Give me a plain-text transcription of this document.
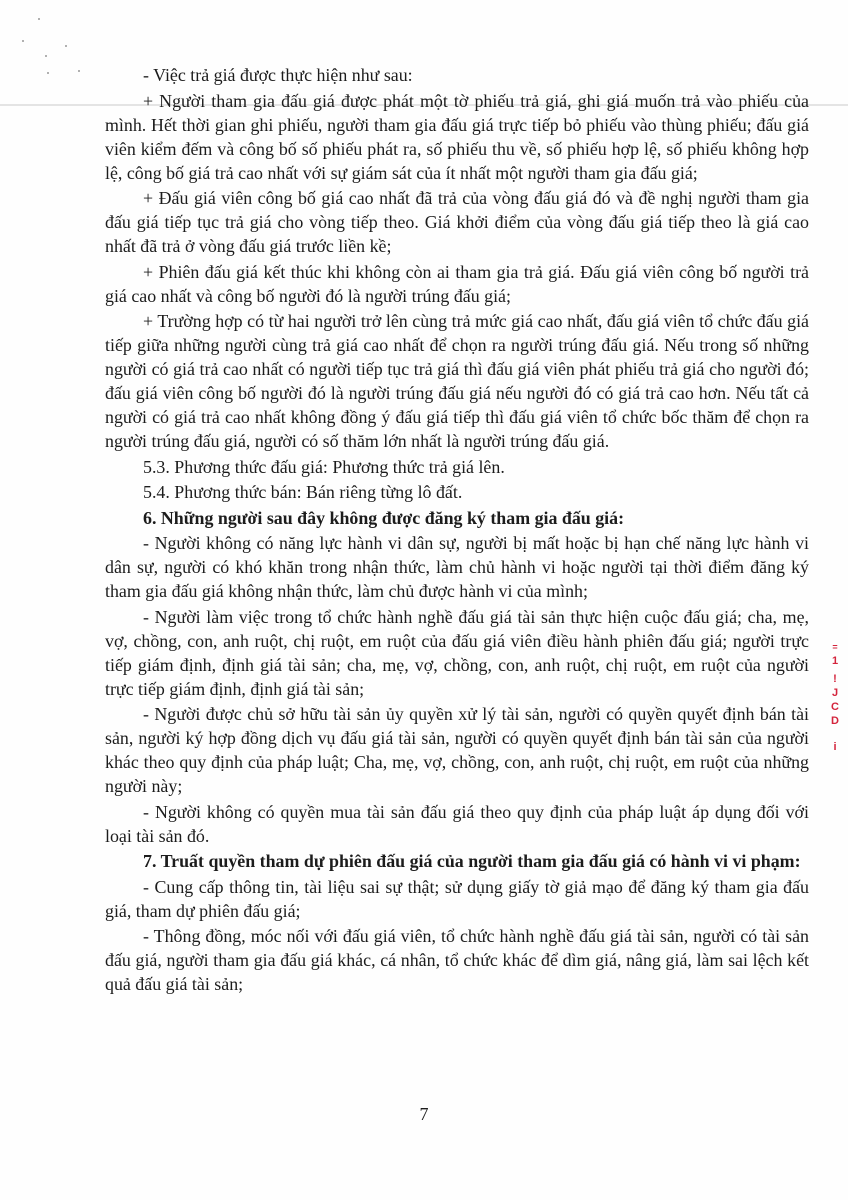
- Việc trả giá được thực hiện như sau:

+ Người tham gia đấu giá được phát một tờ phiếu trả giá, ghi giá muốn trả vào phiếu của mình. Hết thời gian ghi phiếu, người tham gia đấu giá trực tiếp bỏ phiếu vào thùng phiếu; đấu giá viên kiểm đếm và công bố số phiếu phát ra, số phiếu thu về, số phiếu hợp lệ, số phiếu không hợp lệ, công bố giá trả cao nhất với sự giám sát của ít nhất một người tham gia đấu giá;

+ Đấu giá viên công bố giá cao nhất đã trả của vòng đấu giá đó và đề nghị người tham gia đấu giá tiếp tục trả giá cho vòng tiếp theo. Giá khởi điểm của vòng đấu giá tiếp theo là giá cao nhất đã trả ở vòng đấu giá trước liền kề;

+ Phiên đấu giá kết thúc khi không còn ai tham gia trả giá. Đấu giá viên công bố người trả giá cao nhất và công bố người đó là người trúng đấu giá;

+ Trường hợp có từ hai người trở lên cùng trả mức giá cao nhất, đấu giá viên tổ chức đấu giá tiếp giữa những người cùng trả giá cao nhất để chọn ra người trúng đấu giá. Nếu trong số những người có giá trả cao nhất có người tiếp tục trả giá thì đấu giá viên phát phiếu trả giá cho người đó; đấu giá viên công bố người đó là người trúng đấu giá nếu người đó có giá trả cao hơn. Nếu tất cả người có giá trả cao nhất không đồng ý đấu giá tiếp thì đấu giá viên tổ chức bốc thăm để chọn ra người trúng đấu giá, người có số thăm lớn nhất là người trúng đấu giá.

5.3. Phương thức đấu giá: Phương thức trả giá lên.

5.4. Phương thức bán: Bán riêng từng lô đất.

6. Những người sau đây không được đăng ký tham gia đấu giá:

- Người không có năng lực hành vi dân sự, người bị mất hoặc bị hạn chế năng lực hành vi dân sự, người có khó khăn trong nhận thức, làm chủ hành vi hoặc người tại thời điểm đăng ký tham gia đấu giá không nhận thức, làm chủ được hành vi của mình;

- Người làm việc trong tổ chức hành nghề đấu giá tài sản thực hiện cuộc đấu giá; cha, mẹ, vợ, chồng, con, anh ruột, chị ruột, em ruột của đấu giá viên điều hành phiên đấu giá; người trực tiếp giám định, định giá tài sản; cha, mẹ, vợ, chồng, con, anh ruột, chị ruột, em ruột của người trực tiếp giám định, định giá tài sản;

- Người được chủ sở hữu tài sản ủy quyền xử lý tài sản, người có quyền quyết định bán tài sản, người ký hợp đồng dịch vụ đấu giá tài sản, người có quyền quyết định bán tài sản của người khác theo quy định của pháp luật; Cha, mẹ, vợ, chồng, con, anh ruột, chị ruột, em ruột của những người này;

- Người không có quyền mua tài sản đấu giá theo quy định của pháp luật áp dụng đối với loại tài sản đó.

7. Truất quyền tham dự phiên đấu giá của người tham gia đấu giá có hành vi vi phạm:

- Cung cấp thông tin, tài liệu sai sự thật; sử dụng giấy tờ giả mạo để đăng ký tham gia đấu giá, tham dự phiên đấu giá;

- Thông đồng, móc nối với đấu giá viên, tổ chức hành nghề đấu giá tài sản, người có tài sản đấu giá, người tham gia đấu giá khác, cá nhân, tổ chức khác để dìm giá, nâng giá, làm sai lệch kết quả đấu giá tài sản;

7
=
1
!
J
C
D
i
